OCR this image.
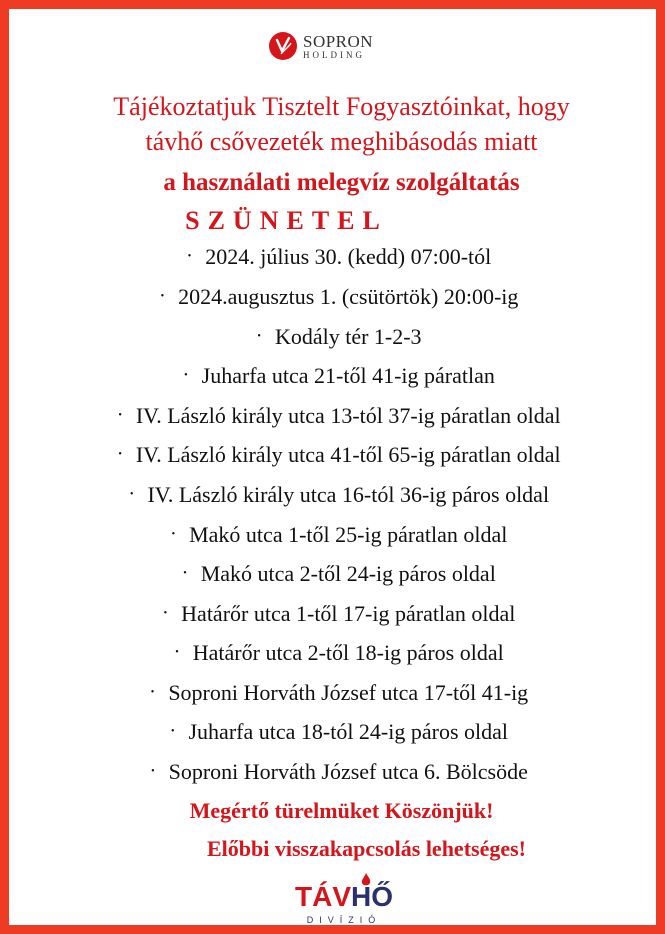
SOPRON
HOLDING
Tájékoztatjuk Tisztelt Fogyasztóinkat, hogy
távhő csővezeték meghibásodás miatt
a használati melegvíz szolgáltatás
SZÜNETEL
• 2024. július 30. (kedd) 07:00-tól
• 2024.augusztus 1. (csütörtök) 20:00-ig
• Kodály tér 1-2-3
• Juharfa utca 21-től 41-ig páratlan
• IV. László király utca 13-tól 37-ig páratlan oldal
• IV. László király utca 41-től 65-ig páratlan oldal
• IV. László király utca 16-tól 36-ig páros oldal
• Makó utca 1-től 25-ig páratlan oldal
• Makó utca 2-től 24-ig páros oldal
• Határőr utca 1-től 17-ig páratlan oldal
• Határőr utca 2-től 18-ig páros oldal
• Soproni Horváth József utca 17-től 41-ig
• Juharfa utca 18-tól 24-ig páros oldal
• Soproni Horváth József utca 6. Bölcsöde
Megértő türelmüket Köszönjük!
Előbbi visszakapcsolás lehetséges!
TÁVHŐ
DIVÍZIÓ
